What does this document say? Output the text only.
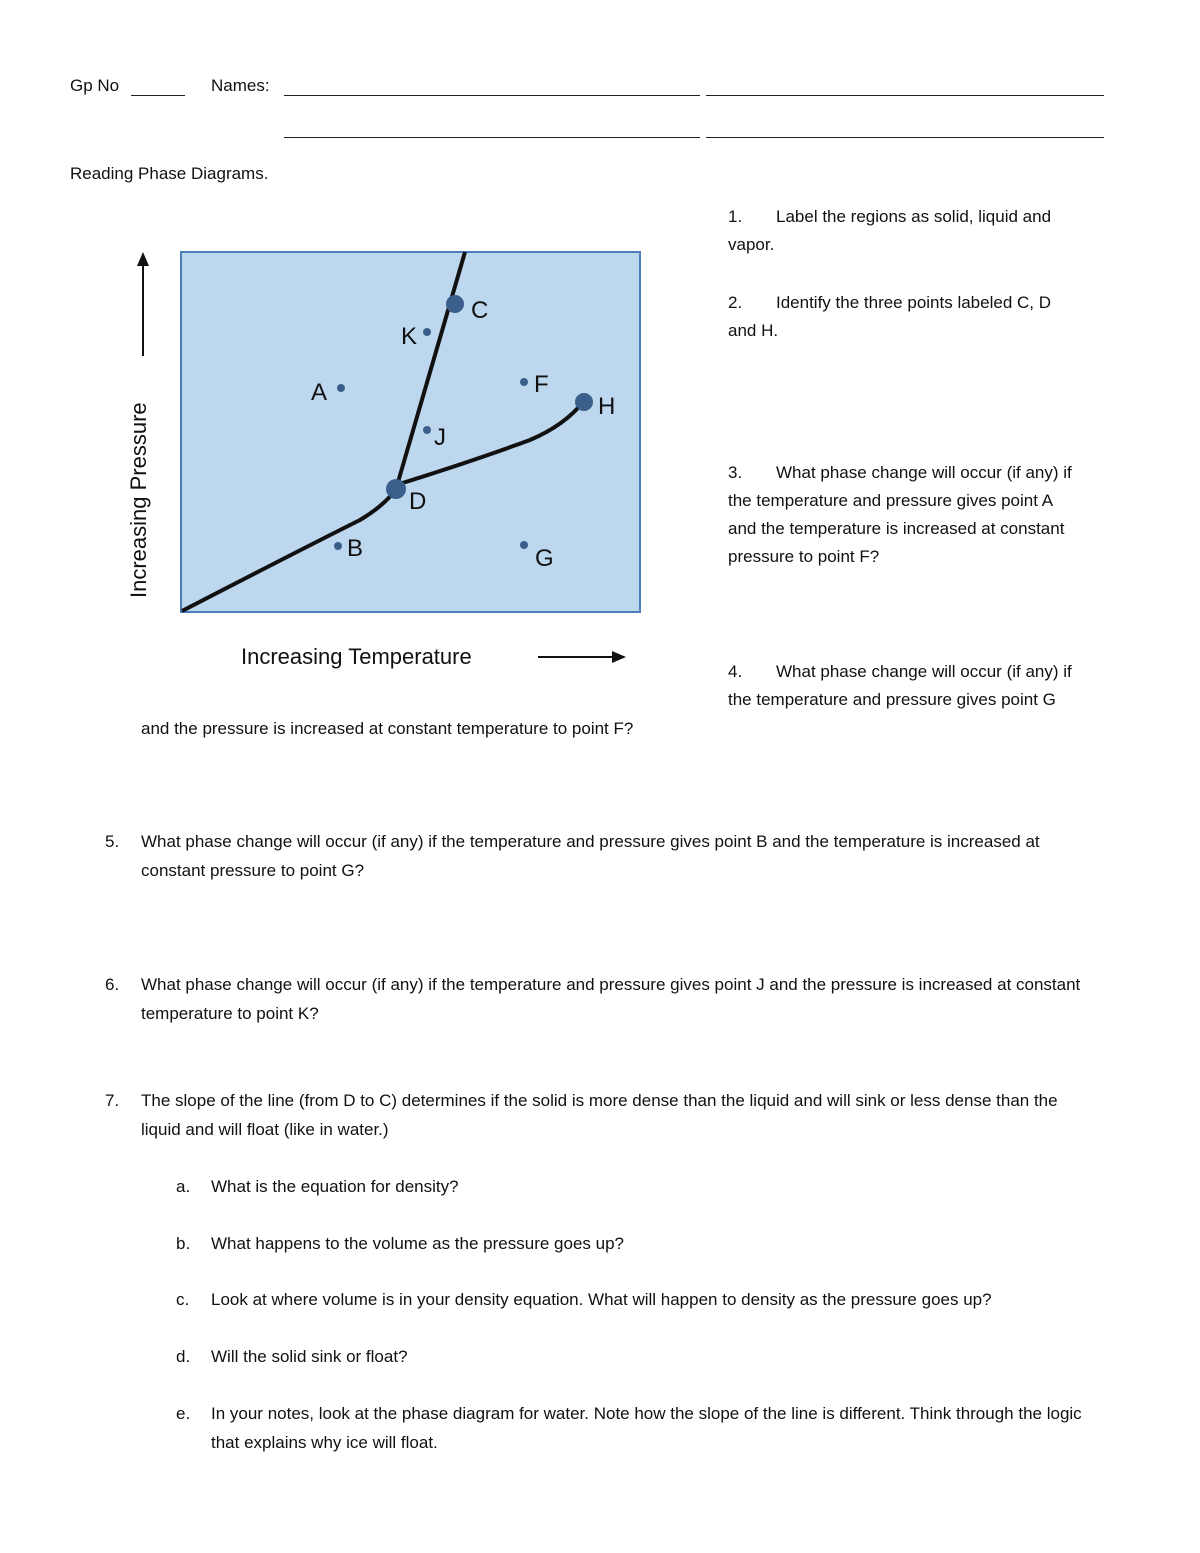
Gp No	Names:
Reading Phase Diagrams.
C
D
H
A
B
F
G
J
K
Increasing Pressure
Increasing Temperature
1. Label the regions as solid, liquid and
vapor.
2. Identify the three points labeled C, D
and H.
3. What phase change will occur (if any) if
the temperature and pressure gives point A
and the temperature is increased at constant
pressure to point F?
4. What phase change will occur (if any) if
the temperature and pressure gives point G
and the pressure is increased at constant temperature to point F?
5. What phase change will occur (if any) if the temperature and pressure gives point B and the temperature is increased at constant pressure to point G?
6. What phase change will occur (if any) if the temperature and pressure gives point J and the pressure is increased at constant temperature to point K?
7. The slope of the line (from D to C) determines if the solid is more dense than the liquid and will sink or less dense than the liquid and will float (like in water.)
a. What is the equation for density?
b. What happens to the volume as the pressure goes up?
c. Look at where volume is in your density equation. What will happen to density as the pressure goes up?
d. Will the solid sink or float?
e. In your notes, look at the phase diagram for water. Note how the slope of the line is different. Think through the logic that explains why ice will float.
